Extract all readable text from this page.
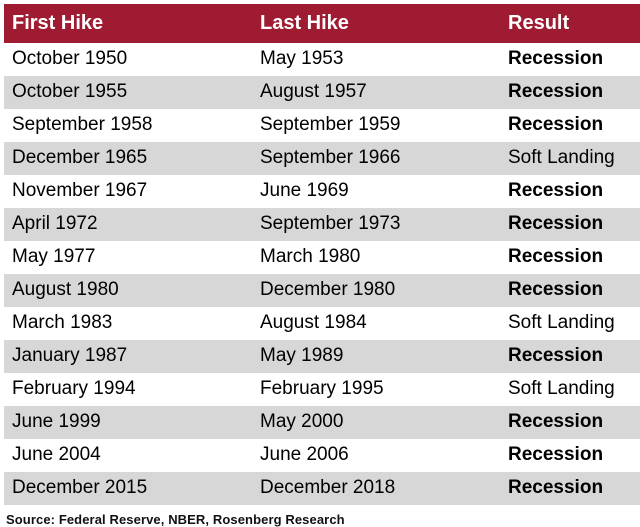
First Hike	Last Hike	Result
October 1950	May 1953	Recession
October 1955	August 1957	Recession
September 1958	September 1959	Recession
December 1965	September 1966	Soft Landing
November 1967	June 1969	Recession
April 1972	September 1973	Recession
May 1977	March 1980	Recession
August 1980	December 1980	Recession
March 1983	August 1984	Soft Landing
January 1987	May 1989	Recession
February 1994	February 1995	Soft Landing
June 1999	May 2000	Recession
June 2004	June 2006	Recession
December 2015	December 2018	Recession
Source: Federal Reserve, NBER, Rosenberg Research
